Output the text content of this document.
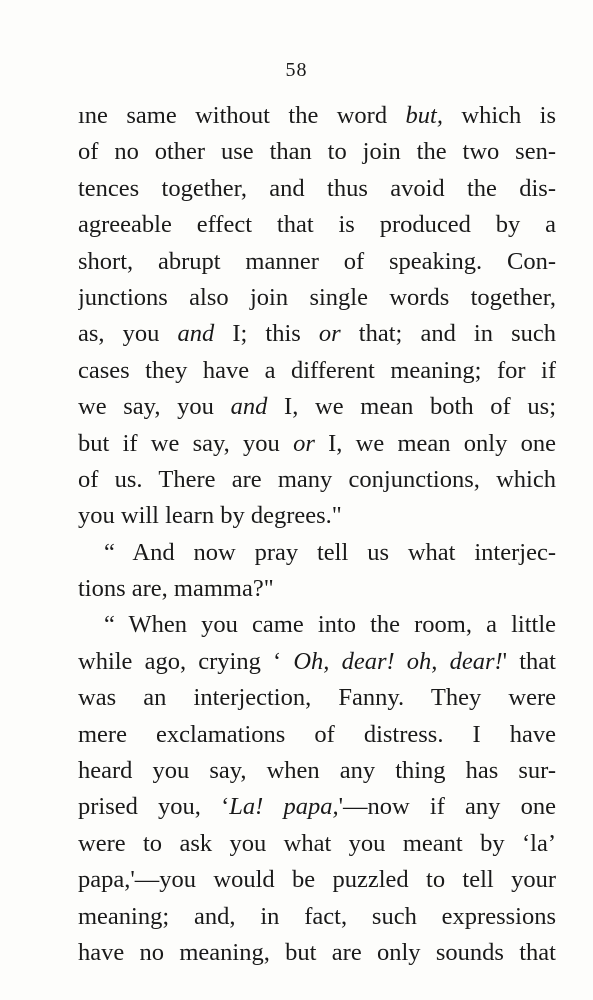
58
ıne same without the word but, which is
of no other use than to join the two sen-
tences together, and thus avoid the dis-
agreeable effect that is produced by a
short, abrupt manner of speaking. Con-
junctions also join single words together,
as, you and I; this or that; and in such
cases they have a different meaning; for if
we say, you and I, we mean both of us;
but if we say, you or I, we mean only one
of us. There are many conjunctions, which
you will learn by degrees."
“ And now pray tell us what interjec-
tions are, mamma?"
“ When you came into the room, a little
while ago, crying ‘ Oh, dear! oh, dear!' that
was an interjection, Fanny. They were
mere exclamations of distress. I have
heard you say, when any thing has sur-
prised you, ‘La! papa,'—now if any one
were to ask you what you meant by ‘la’
papa,'—you would be puzzled to tell your
meaning; and, in fact, such expressions
have no meaning, but are only sounds that
